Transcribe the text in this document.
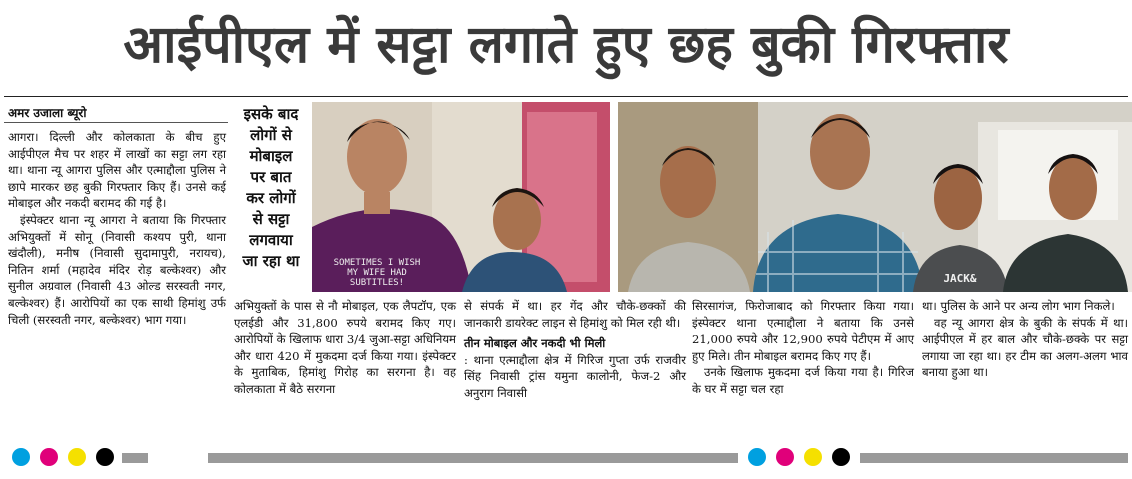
आईपीएल में सट्टा लगाते हुए छह बुकी गिरफ्तार
अमर उजाला ब्यूरो

आगरा। दिल्ली और कोलकाता के बीच हुए आईपीएल मैच पर शहर में लाखों का सट्टा लग रहा था। थाना न्यू आगरा पुलिस और एत्माद्दौला पुलिस ने छापे मारकर छह बुकी गिरफ्तार किए हैं। उनसे कई मोबाइल और नकदी बरामद की गई है।

इंस्पेक्टर थाना न्यू आगरा ने बताया कि गिरफ्तार अभियुक्तों में सोनू (निवासी कश्यप पुरी, थाना खंदौली), मनीष (निवासी सुदामापुरी, नरायच), नितिन शर्मा (महादेव मंदिर रोड़ बल्केश्वर) और सुनील अग्रवाल (निवासी 43 ओल्ड सरस्वती नगर, बल्केश्वर) हैं। आरोपियों का एक साथी हिमांशु उर्फ चिली (सरस्वती नगर, बल्केश्वर) भाग गया।

इसके बाद
लोगों से
मोबाइल
पर बात
कर लोगों
से सट्टा
लगवाया
जा रहा था	SOMETIMES I WISH
MY WIFE HAD
SUBTITLES!	JACK&

अभियुक्तों के पास से नौ मोबाइल, एक लैपटॉप, एक एलईडी और 31,800 रुपये बरामद किए गए। आरोपियों के खिलाफ धारा 3/4 जुआ-सट्टा अधिनियम और धारा 420 में मुकदमा दर्ज किया गया। इंस्पेक्टर के मुताबिक, हिमांशु गिरोह का सरगना है। वह कोलकाता में बैठे सरगना

से संपर्क में था। हर गेंद और चौके-छक्कों की जानकारी डायरेक्ट लाइन से हिमांशु को मिल रही थी।

तीन मोबाइल और नकदी भी मिली

: थाना एत्माद्दौला क्षेत्र में गिरिज गुप्ता उर्फ राजवीर सिंह निवासी ट्रांस यमुना कालोनी, फेज-2 और अनुराग निवासी

सिरसागंज, फिरोजाबाद को गिरफ्तार किया गया। इंस्पेक्टर थाना एत्माद्दौला ने बताया कि उनसे 21,000 रुपये और 12,900 रुपये पेटीएम में आए हुए मिले। तीन मोबाइल बरामद किए गए हैं।

उनके खिलाफ मुकदमा दर्ज किया गया है। गिरिज के घर में सट्टा चल रहा

था। पुलिस के आने पर अन्य लोग भाग निकले।

वह न्यू आगरा क्षेत्र के बुकी के संपर्क में था। आईपीएल में हर बाल और चौके-छक्के पर सट्टा लगाया जा रहा था। हर टीम का अलग-अलग भाव बनाया हुआ था।
